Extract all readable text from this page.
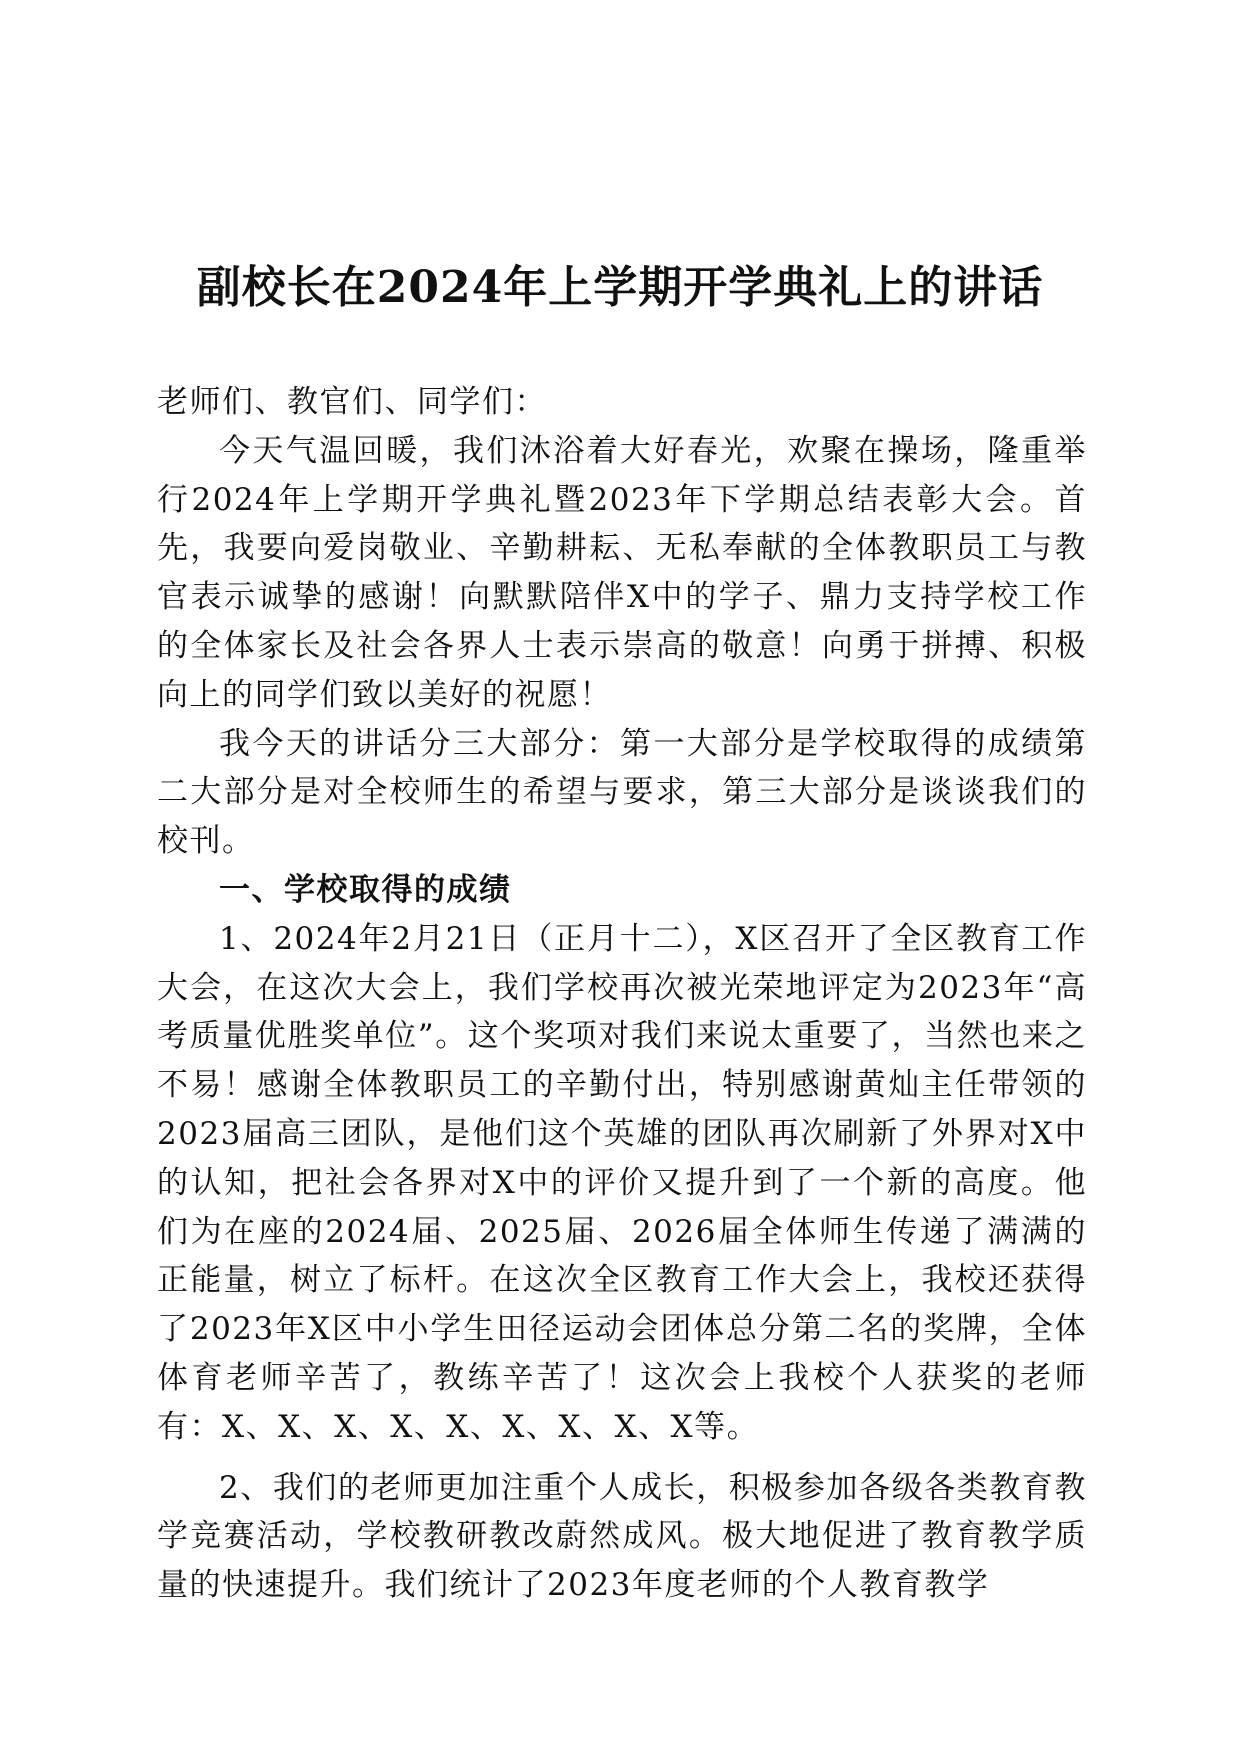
副校长在2024年上学期开学典礼上的讲话

老师们、教官们、同学们：

今天气温回暖，我们沐浴着大好春光，欢聚在操场，隆重举行2024年上学期开学典礼暨2023年下学期总结表彰大会。首先，我要向爱岗敬业、辛勤耕耘、无私奉献的全体教职员工与教官表示诚挚的感谢！向默默陪伴X中的学子、鼎力支持学校工作的全体家长及社会各界人士表示崇高的敬意！向勇于拼搏、积极向上的同学们致以美好的祝愿！

我今天的讲话分三大部分：第一大部分是学校取得的成绩第二大部分是对全校师生的希望与要求，第三大部分是谈谈我们的校刊。

一、学校取得的成绩

1、2024年2月21日（正月十二），X区召开了全区教育工作大会，在这次大会上，我们学校再次被光荣地评定为2023年“高考质量优胜奖单位”。这个奖项对我们来说太重要了，当然也来之不易！感谢全体教职员工的辛勤付出，特别感谢黄灿主任带领的2023届高三团队，是他们这个英雄的团队再次刷新了外界对X中的认知，把社会各界对X中的评价又提升到了一个新的高度。他们为在座的2024届、2025届、2026届全体师生传递了满满的正能量，树立了标杆。在这次全区教育工作大会上，我校还获得了2023年X区中小学生田径运动会团体总分第二名的奖牌，全体体育老师辛苦了，教练辛苦了！这次会上我校个人获奖的老师有：X、X、X、X、X、X、X、X、X等。

2、我们的老师更加注重个人成长，积极参加各级各类教育教学竞赛活动，学校教研教改蔚然成风。极大地促进了教育教学质量的快速提升。我们统计了2023年度老师的个人教育教学
